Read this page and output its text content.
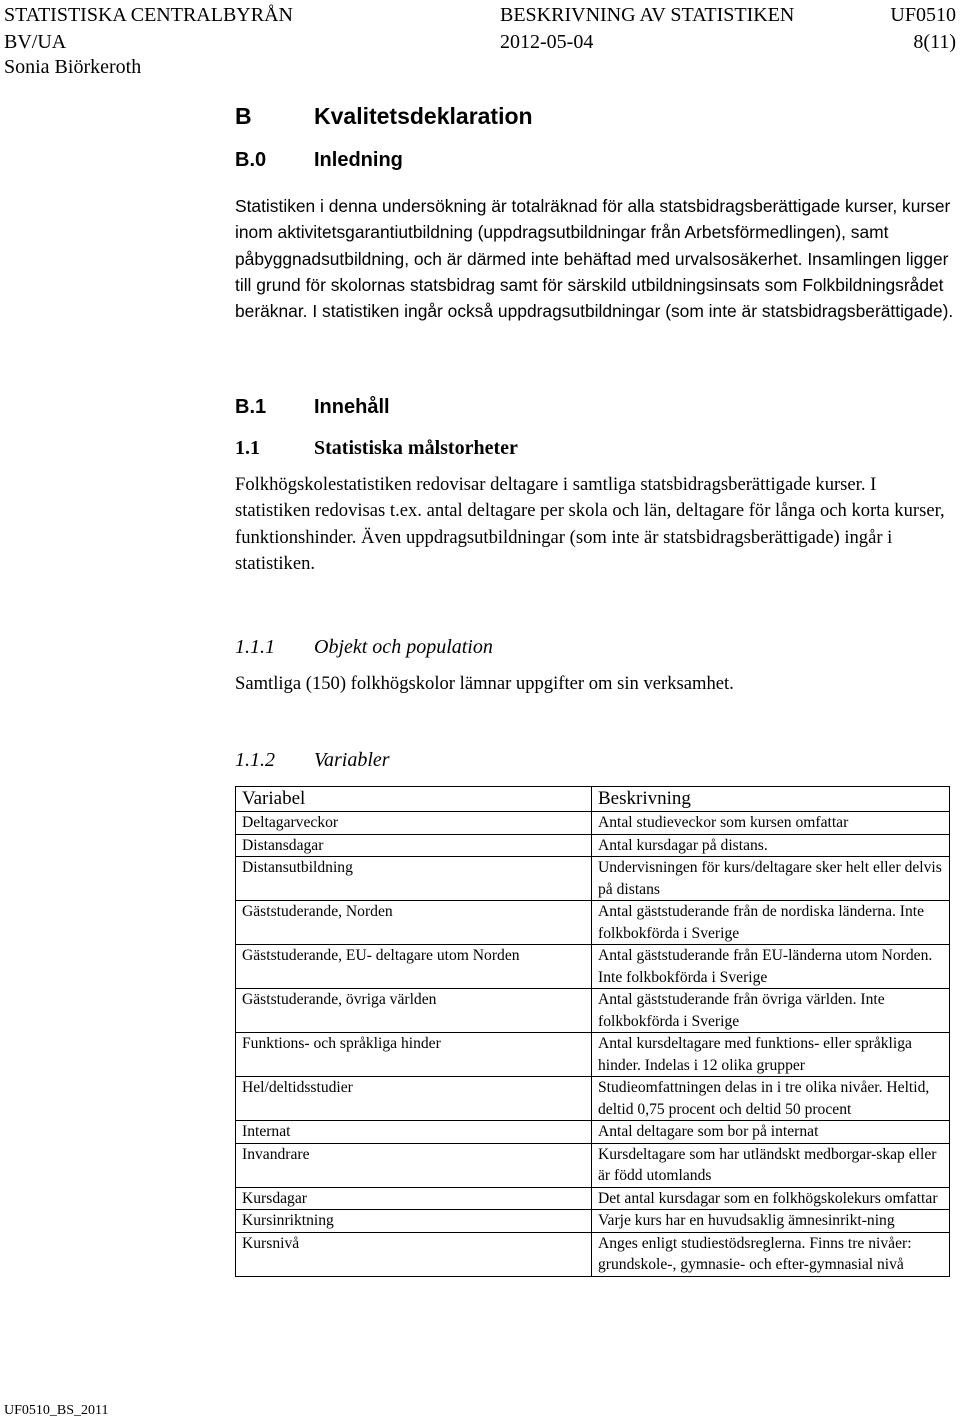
STATISTISKA CENTRALBYRÅN	BESKRIVNING AV STATISTIKEN	UF0510
BV/UA	2012-05-04	8(11)
Sonia Biörkeroth
B	Kvalitetsdeklaration
B.0 Inledning
Statistiken i denna undersökning är totalräknad för alla statsbidragsberättigade kurser, kurser inom aktivitetsgarantiutbildning (uppdragsutbildningar från Arbetsförmedlingen), samt påbyggnadsutbildning, och är därmed inte behäftad med urvalsosäkerhet. Insamlingen ligger till grund för skolornas statsbidrag samt för särskild utbildningsinsats som Folkbildningsrådet beräknar. I statistiken ingår också uppdragsutbildningar (som inte är statsbidragsberättigade).
B.1 Innehåll
1.1	Statistiska målstorheter
Folkhögskolestatistiken redovisar deltagare i samtliga statsbidragsberättigade kurser. I statistiken redovisas t.ex. antal deltagare per skola och län, deltagare för långa och korta kurser, funktionshinder. Även uppdragsutbildningar (som inte är statsbidragsberättigade) ingår i statistiken.
1.1.1 Objekt och population
Samtliga (150) folkhögskolor lämnar uppgifter om sin verksamhet.
1.1.2 Variabler
Variabel	Beskrivning
Deltagarveckor	Antal studieveckor som kursen omfattar
Distansdagar	Antal kursdagar på distans.
Distansutbildning	Undervisningen för kurs/deltagare sker helt eller delvis på distans
Gäststuderande, Norden	Antal gäststuderande från de nordiska länderna. Inte folkbokförda i Sverige
Gäststuderande, EU- deltagare utom Norden	Antal gäststuderande från EU-länderna utom Norden. Inte folkbokförda i Sverige
Gäststuderande, övriga världen	Antal gäststuderande från övriga världen. Inte folkbokförda i Sverige
Funktions- och språkliga hinder	Antal kursdeltagare med funktions- eller språkliga hinder. Indelas i 12 olika grupper
Hel/deltidsstudier	Studieomfattningen delas in i tre olika nivåer. Heltid, deltid 0,75 procent och deltid 50 procent
Internat	Antal deltagare som bor på internat
Invandrare	Kursdeltagare som har utländskt medborgar-skap eller är född utomlands
Kursdagar	Det antal kursdagar som en folkhögskolekurs omfattar
Kursinriktning	Varje kurs har en huvudsaklig ämnesinrikt-ning
Kursnivå	Anges enligt studiestödsreglerna. Finns tre nivåer: grundskole-, gymnasie- och efter-gymnasial nivå
UF0510_BS_2011
